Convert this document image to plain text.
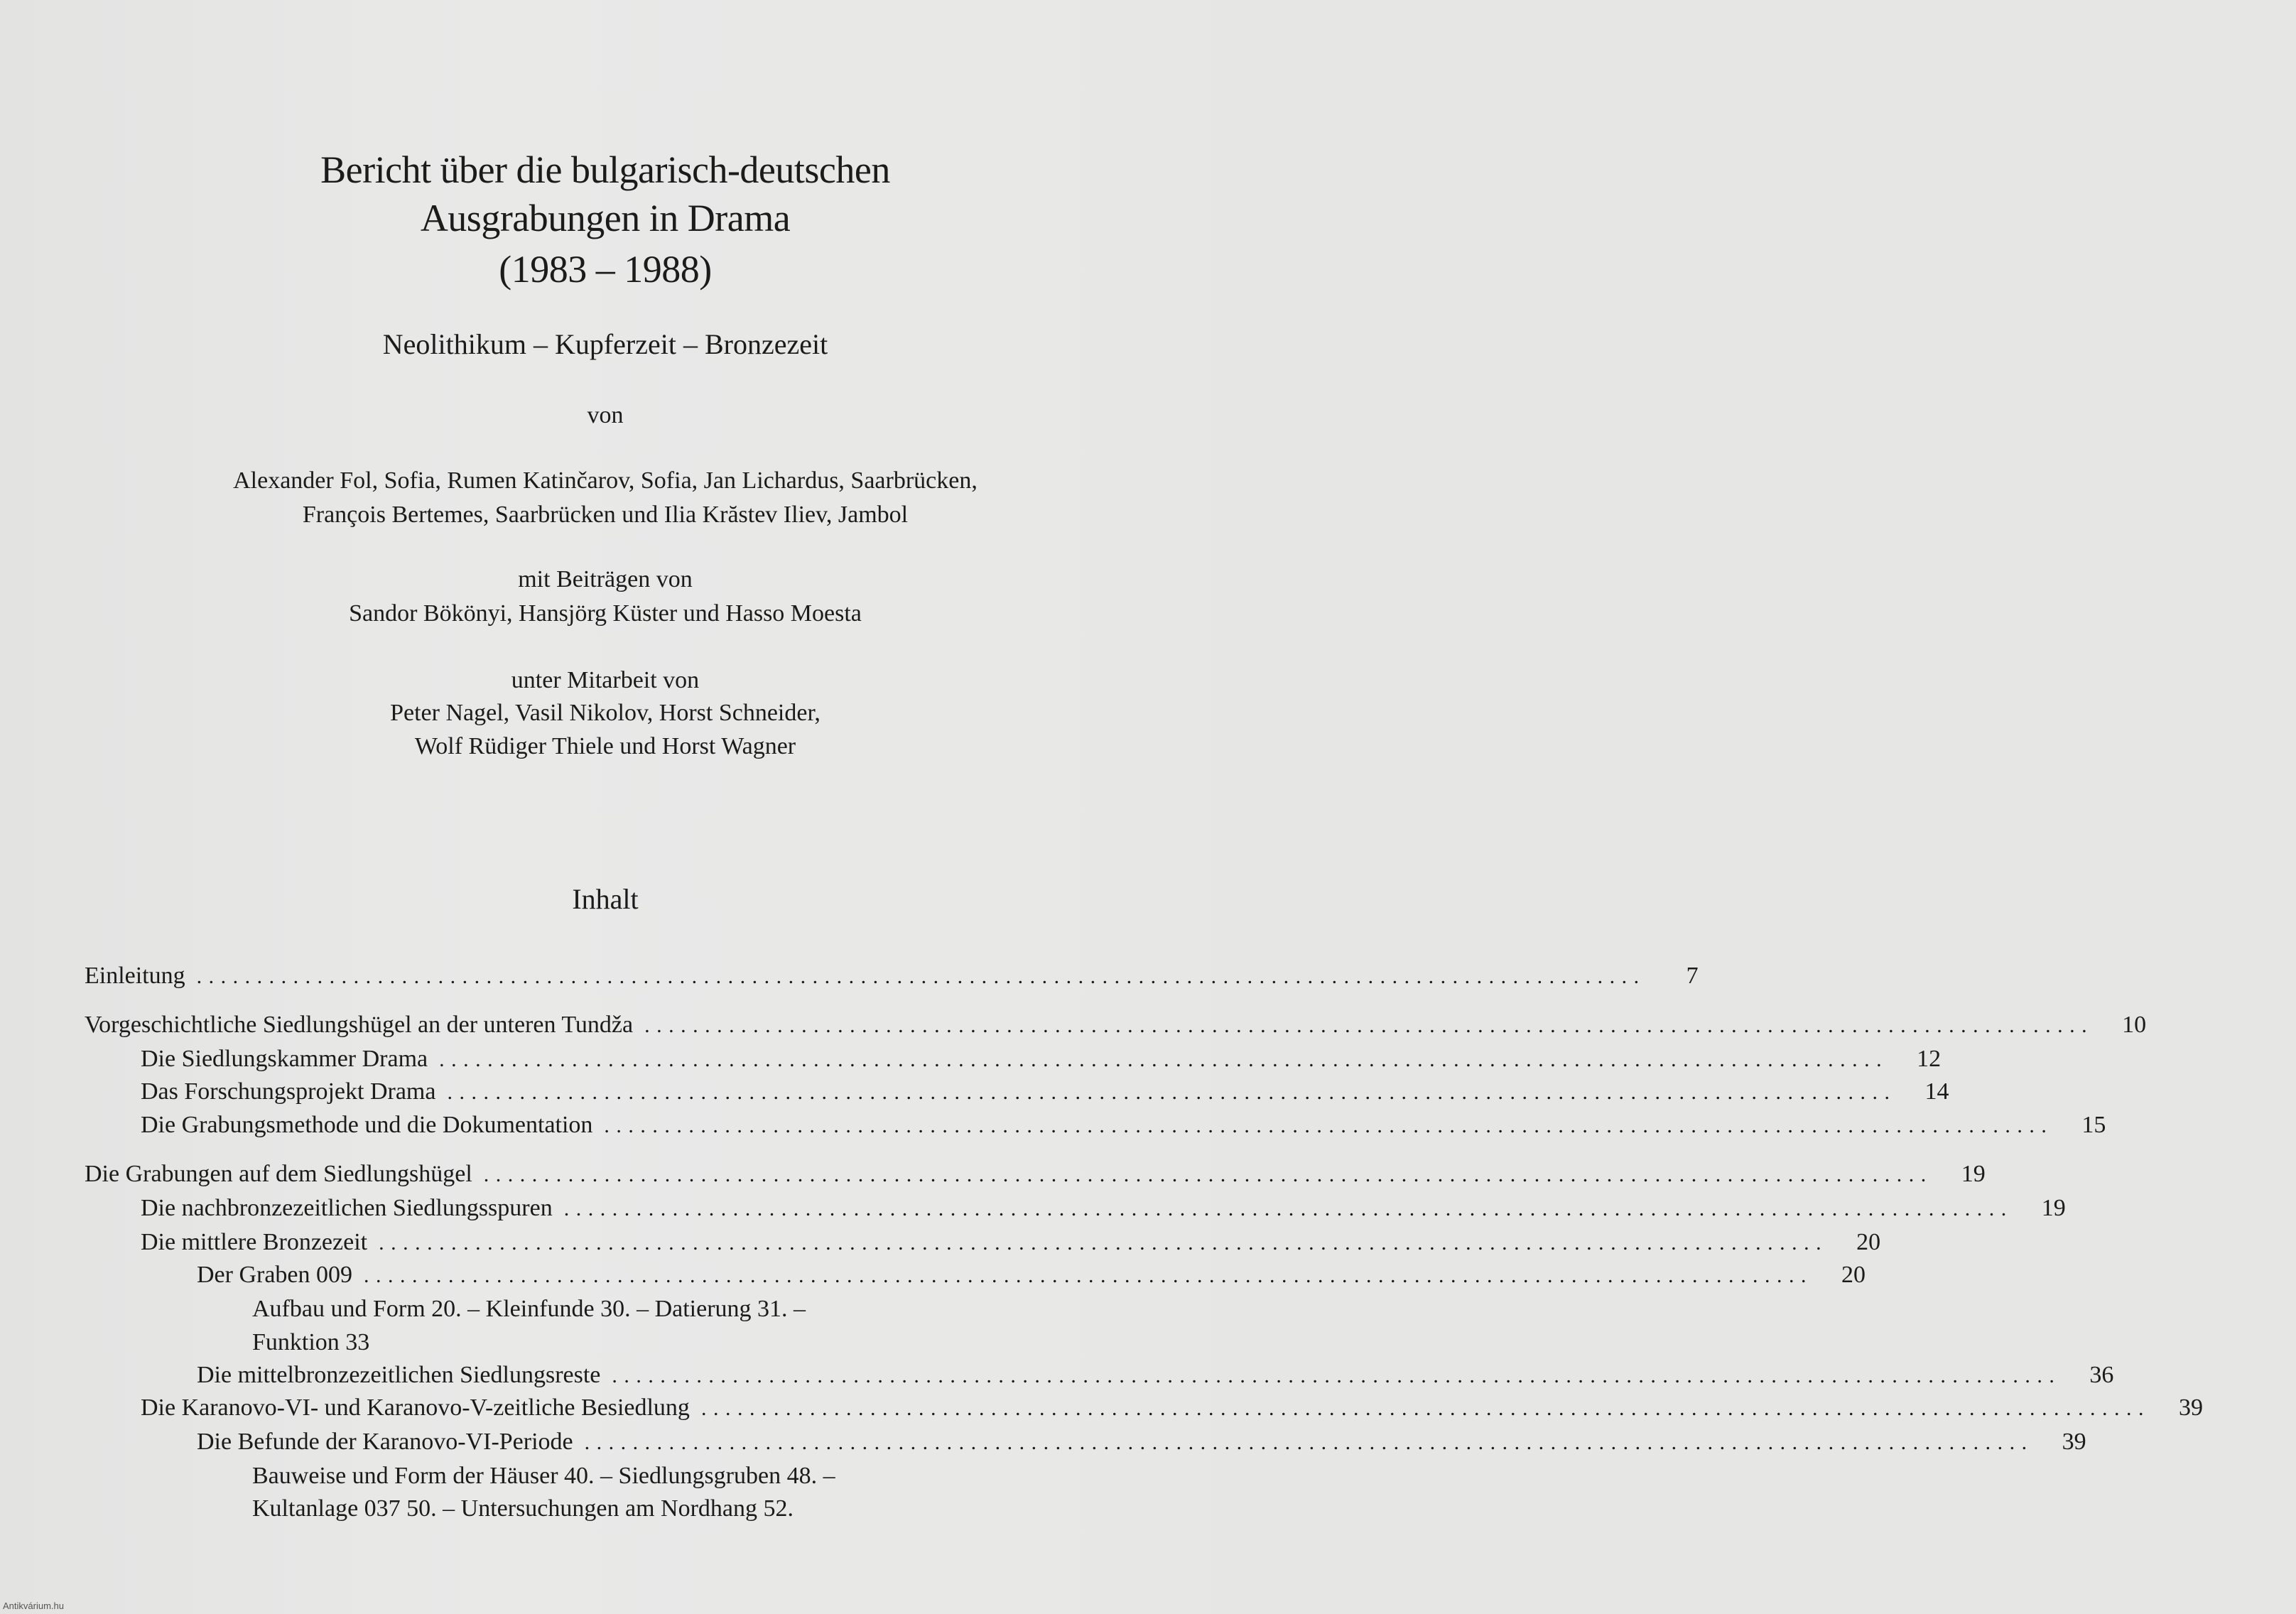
Bericht über die bulgarisch-deutschen
Ausgrabungen in Drama
(1983 – 1988)
Neolithikum – Kupferzeit – Bronzezeit
von
Alexander Fol, Sofia, Rumen Katinčarov, Sofia, Jan Lichardus, Saarbrücken,
François Bertemes, Saarbrücken und Ilia Krăstev Iliev, Jambol
mit Beiträgen von
Sandor Bökönyi, Hansjörg Küster und Hasso Moesta
unter Mitarbeit von
Peter Nagel, Vasil Nikolov, Horst Schneider,
Wolf Rüdiger Thiele und Horst Wagner
Inhalt
Einleitung ........................................................................................................................	7
Vorgeschichtliche Siedlungshügel an der unteren Tundža ........................................................................................................................	10
Die Siedlungskammer Drama ........................................................................................................................	12
Das Forschungsprojekt Drama ........................................................................................................................	14
Die Grabungsmethode und die Dokumentation ........................................................................................................................	15
Die Grabungen auf dem Siedlungshügel ........................................................................................................................	19
Die nachbronzezeitlichen Siedlungsspuren ........................................................................................................................	19
Die mittlere Bronzezeit ........................................................................................................................	20
Der Graben 009 ........................................................................................................................	20
Aufbau und Form 20. – Kleinfunde 30. – Datierung 31. –
Funktion 33
Die mittelbronzezeitlichen Siedlungsreste ........................................................................................................................	36
Die Karanovo-VI- und Karanovo-V-zeitliche Besiedlung ........................................................................................................................	39
Die Befunde der Karanovo-VI-Periode ........................................................................................................................	39
Bauweise und Form der Häuser 40. – Siedlungsgruben 48. –
Kultanlage 037 50. – Untersuchungen am Nordhang 52.
Antikvárium.hu
